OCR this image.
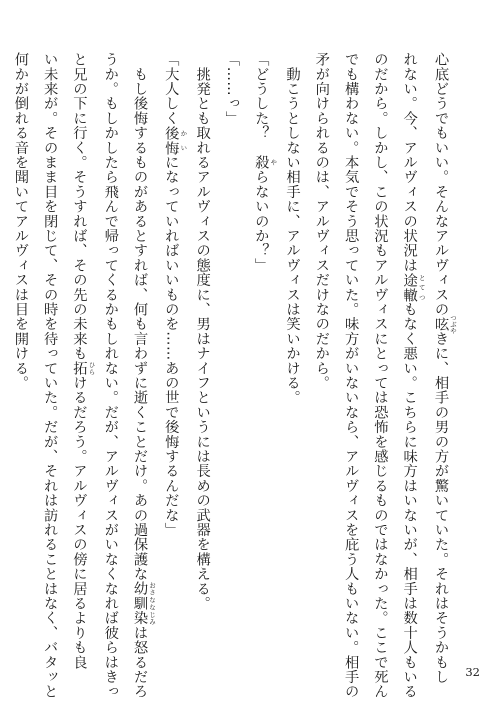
心底どうでもいい。そんなアルヴィスの呟 つぶやきに、相手の男の方が驚いていた。それはそうかもし
れない。今、アルヴィスの状況は途轍 とてつもなく悪い。こちらに味方はいないが、相手は数十人もいる
のだから。しかし、この状況もアルヴィスにとっては恐怖を感じるものではなかった。ここで死ん
でも構わない。本気でそう思っていた。味方がいないなら、アルヴィスを庇う人もいない。相手の
矛が向けられるのは、アルヴィスだけなのだから。
　動こうとしない相手に、アルヴィスは笑いかける。
「どうした？　殺 やらないのか？」
「……っ」
　挑発とも取れるアルヴィスの態度に、男はナイフというには長めの武器を構える。
「大人しく後悔 かいになっていればいいものを……あの世で後悔するんだな」
　もし後悔するものがあるとすれば、何も言わずに逝くことだけ。あの過保護な幼馴染 おさななじみは怒るだろ
うか。もしかしたら飛んで帰ってくるかもしれない。だが、アルヴィスがいなくなれば彼らはきっ
と兄の下に行く。そうすれば、その先の未来も拓 ひらけるだろう。アルヴィスの傍に居るよりも良
い未来が。そのまま目を閉じて、その時を待っていた。だが、それは訪れることはなく、バタッと
何かが倒れる音を聞いてアルヴィスは目を開ける。
32
